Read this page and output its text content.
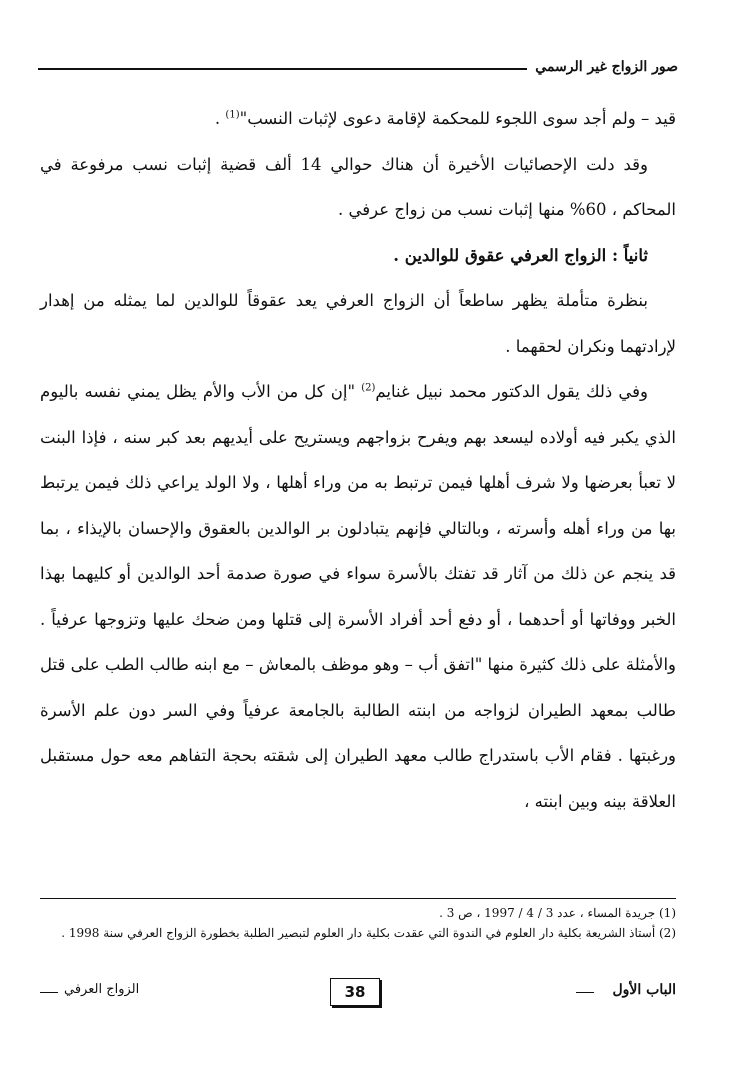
صور الزواج غير الرسمي

قيد – ولم أجد سوى اللجوء للمحكمة لإقامة دعوى لإثبات النسب"$^{(1)}$ .

وقد دلت الإحصائيات الأخيرة أن هناك حوالي 14 ألف قضية إثبات نسب مرفوعة في المحاكم ، 60% منها إثبات نسب من زواج عرفي .

ثانياً : الزواج العرفي عقوق للوالدين .

بنظرة متأملة يظهر ساطعاً أن الزواج العرفي يعد عقوقاً للوالدين لما يمثله من إهدار لإرادتهما ونكران لحقهما .

وفي ذلك يقول الدكتور محمد نبيل غنايم$^{(2)}$ "إن كل من الأب والأم يظل يمني نفسه باليوم الذي يكبر فيه أولاده ليسعد بهم ويفرح بزواجهم ويستريح على أيديهم بعد كبر سنه ، فإذا البنت لا تعبأ بعرضها ولا شرف أهلها فيمن ترتبط به من وراء أهلها ، ولا الولد يراعي ذلك فيمن يرتبط بها من وراء أهله وأسرته ، وبالتالي فإنهم يتبادلون بر الوالدين بالعقوق والإحسان بالإيذاء ، بما قد ينجم عن ذلك من آثار قد تفتك بالأسرة سواء في صورة صدمة أحد الوالدين أو كليهما بهذا الخبر ووفاتها أو أحدهما ، أو دفع أحد أفراد الأسرة إلى قتلها ومن ضحك عليها وتزوجها عرفياً . والأمثلة على ذلك كثيرة منها "اتفق أب – وهو موظف بالمعاش – مع ابنه طالب الطب على قتل طالب بمعهد الطيران لزواجه من ابنته الطالبة بالجامعة عرفياً وفي السر دون علم الأسرة ورغبتها . فقام الأب باستدراج طالب معهد الطيران إلى شقته بحجة التفاهم معه حول مستقبل العلاقة بينه وبين ابنته ،

(1) جريدة المساء ، عدد 3 / 4 / 1997 ، ص 3 .

(2) أستاذ الشريعة بكلية دار العلوم في الندوة التي عقدت بكلية دار العلوم لتبصير الطلبة بخطورة الزواج العرفي سنة 1998 .

الباب الأول
38
الزواج العرفي
